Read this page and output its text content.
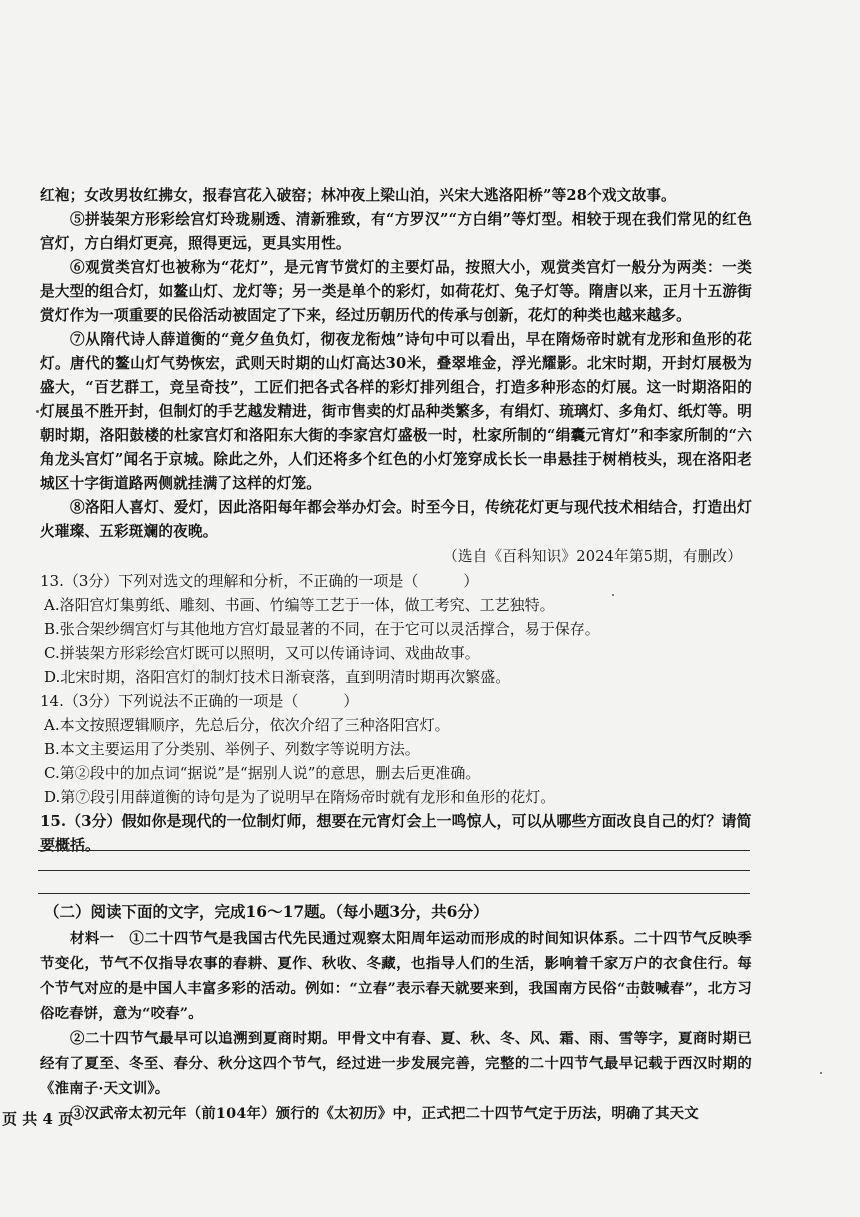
红袍；女改男妆红拂女，报春宫花入破窑；林冲夜上梁山泊，兴宋大逃洛阳桥”等28个戏文故事。

⑤拼装架方形彩绘宫灯玲珑剔透、清新雅致，有“方罗汉”“方白绢”等灯型。相较于现在我们常见的红色宫灯，方白绢灯更亮，照得更远，更具实用性。

⑥观赏类宫灯也被称为“花灯”，是元宵节赏灯的主要灯品，按照大小，观赏类宫灯一般分为两类：一类是大型的组合灯，如鳌山灯、龙灯等；另一类是单个的彩灯，如荷花灯、兔子灯等。隋唐以来，正月十五游街赏灯作为一项重要的民俗活动被固定了下来，经过历朝历代的传承与创新，花灯的种类也越来越多。

⑦从隋代诗人薛道衡的“竟夕鱼负灯，彻夜龙衔烛”诗句中可以看出，早在隋炀帝时就有龙形和鱼形的花灯。唐代的鳌山灯气势恢宏，武则天时期的山灯高达30米，叠翠堆金，浮光耀影。北宋时期，开封灯展极为盛大，“百艺群工，竞呈奇技”，工匠们把各式各样的彩灯排列组合，打造多种形态的灯展。这一时期洛阳的灯展虽不胜开封，但制灯的手艺越发精进，街市售卖的灯品种类繁多，有绢灯、琉璃灯、多角灯、纸灯等。明朝时期，洛阳鼓楼的杜家宫灯和洛阳东大街的李家宫灯盛极一时，杜家所制的“绢囊元宵灯”和李家所制的“六角龙头宫灯”闻名于京城。除此之外，人们还将多个红色的小灯笼穿成长长一串悬挂于树梢枝头，现在洛阳老城区十字街道路两侧就挂满了这样的灯笼。

⑧洛阳人喜灯、爱灯，因此洛阳每年都会举办灯会。时至今日，传统花灯更与现代技术相结合，打造出灯火璀璨、五彩斑斓的夜晚。

（选自《百科知识》2024年第5期，有删改）

13.（3分）下列对选文的理解和分析，不正确的一项是（　　　）

A.洛阳宫灯集剪纸、雕刻、书画、竹编等工艺于一体，做工考究、工艺独特。

B.张合架纱绸宫灯与其他地方宫灯最显著的不同，在于它可以灵活撑合，易于保存。

C.拼装架方形彩绘宫灯既可以照明，又可以传诵诗词、戏曲故事。

D.北宋时期，洛阳宫灯的制灯技术日渐衰落，直到明清时期再次繁盛。

14.（3分）下列说法不正确的一项是（　　　）

A.本文按照逻辑顺序，先总后分，依次介绍了三种洛阳宫灯。

B.本文主要运用了分类别、举例子、列数字等说明方法。

C.第②段中的加点词“据说”是“据别人说”的意思，删去后更准确。

D.第⑦段引用薛道衡的诗句是为了说明早在隋炀帝时就有龙形和鱼形的花灯。

15.（3分）假如你是现代的一位制灯师，想要在元宵灯会上一鸣惊人，可以从哪些方面改良自己的灯？请简要概括。

（二）阅读下面的文字，完成16～17题。（每小题3分，共6分）

材料一　①二十四节气是我国古代先民通过观察太阳周年运动而形成的时间知识体系。二十四节气反映季节变化，节气不仅指导农事的春耕、夏作、秋收、冬藏，也指导人们的生活，影响着千家万户的衣食住行。每个节气对应的是中国人丰富多彩的活动。例如：“立春”表示春天就要来到，我国南方民俗“击鼓喊春”，北方习俗吃春饼，意为“咬春”。

②二十四节气最早可以追溯到夏商时期。甲骨文中有春、夏、秋、冬、风、霜、雨、雪等字，夏商时期已经有了夏至、冬至、春分、秋分这四个节气，经过进一步发展完善，完整的二十四节气最早记载于西汉时期的《淮南子·天文训》。

③汉武帝太初元年（前104年）颁行的《太初历》中，正式把二十四节气定于历法，明确了其天文

页 共 4 页
